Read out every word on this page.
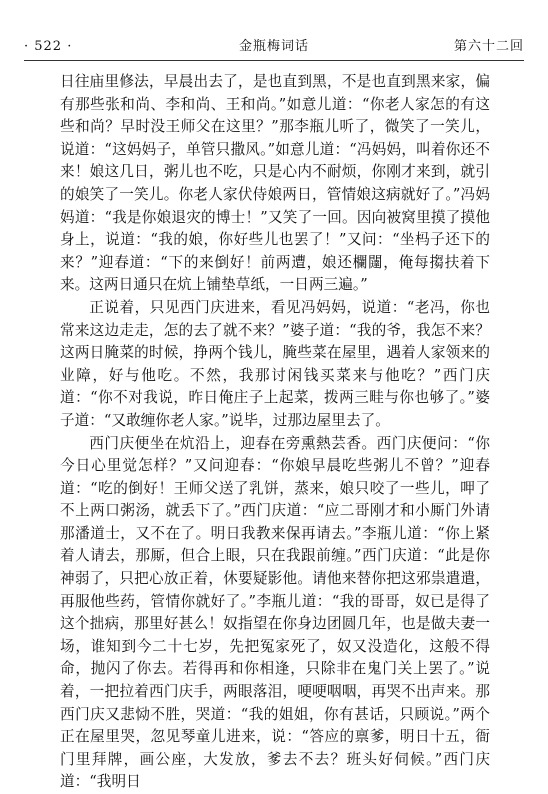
· 522 ·	金瓶梅词话	第六十二回

日往庙里修法，早晨出去了，是也直到黑，不是也直到黑来家，偏有那些张和尚、李和尚、王和尚。”如意儿道：“你老人家怎的有这些和尚？早时没王师父在这里？”那李瓶儿听了，微笑了一笑儿，说道：“这妈妈子，单管只撒风。”如意儿道：“冯妈妈，叫着你还不来！娘这几日，粥儿也不吃，只是心内不耐烦，你刚才来到，就引的娘笑了一笑儿。你老人家伏侍娘两日，管情娘这病就好了。”冯妈妈道：“我是你娘退灾的博士！”又笑了一回。因向被窝里摸了摸他身上，说道：“我的娘，你好些儿也罢了！”又问：“坐杩子还下的来？”迎春道：“下的来倒好！前两遭，娘还欄闥，俺每搊扶着下来。这两日通只在炕上铺垫草纸，一日两三遍。”

正说着，只见西门庆进来，看见冯妈妈，说道：“老冯，你也常来这边走走，怎的去了就不来？”婆子道：“我的爷，我怎不来？这两日腌菜的时候，挣两个钱儿，腌些菜在屋里，遇着人家领来的业障，好与他吃。不然，我那讨闲钱买菜来与他吃？”西门庆道：“你不对我说，昨日俺庄子上起菜，拨两三畦与你也够了。”婆子道：“又敢缠你老人家。”说毕，过那边屋里去了。

西门庆便坐在炕沿上，迎春在旁熏熱芸香。西门庆便问：“你今日心里觉怎样？”又问迎春：“你娘早晨吃些粥儿不曾？”迎春道：“吃的倒好！王师父送了乳饼，蒸来，娘只咬了一些儿，呷了不上两口粥汤，就丢下了。”西门庆道：“应二哥刚才和小厮门外请那潘道士，又不在了。明日我教来保再请去。”李瓶儿道：“你上紧着人请去，那厮，但合上眼，只在我跟前缠。”西门庆道：“此是你神弱了，只把心放正着，休要疑影他。请他来替你把这邪祟遣遣，再服他些药，管情你就好了。”李瓶儿道：“我的哥哥，奴已是得了这个拙病，那里好甚么！奴指望在你身边团圆几年，也是做夫妻一场，谁知到今二十七岁，先把冤家死了，奴又没造化，这般不得命，抛闪了你去。若得再和你相逢，只除非在鬼门关上罢了。”说着，一把拉着西门庆手，两眼落泪，哽哽咽咽，再哭不出声来。那西门庆又悲恸不胜，哭道：“我的姐姐，你有甚话，只顾说。”两个正在屋里哭，忽见琴童儿进来，说：“答应的禀爹，明日十五，衙门里拜牌，画公座，大发放，爹去不去？班头好伺候。”西门庆道：“我明日
